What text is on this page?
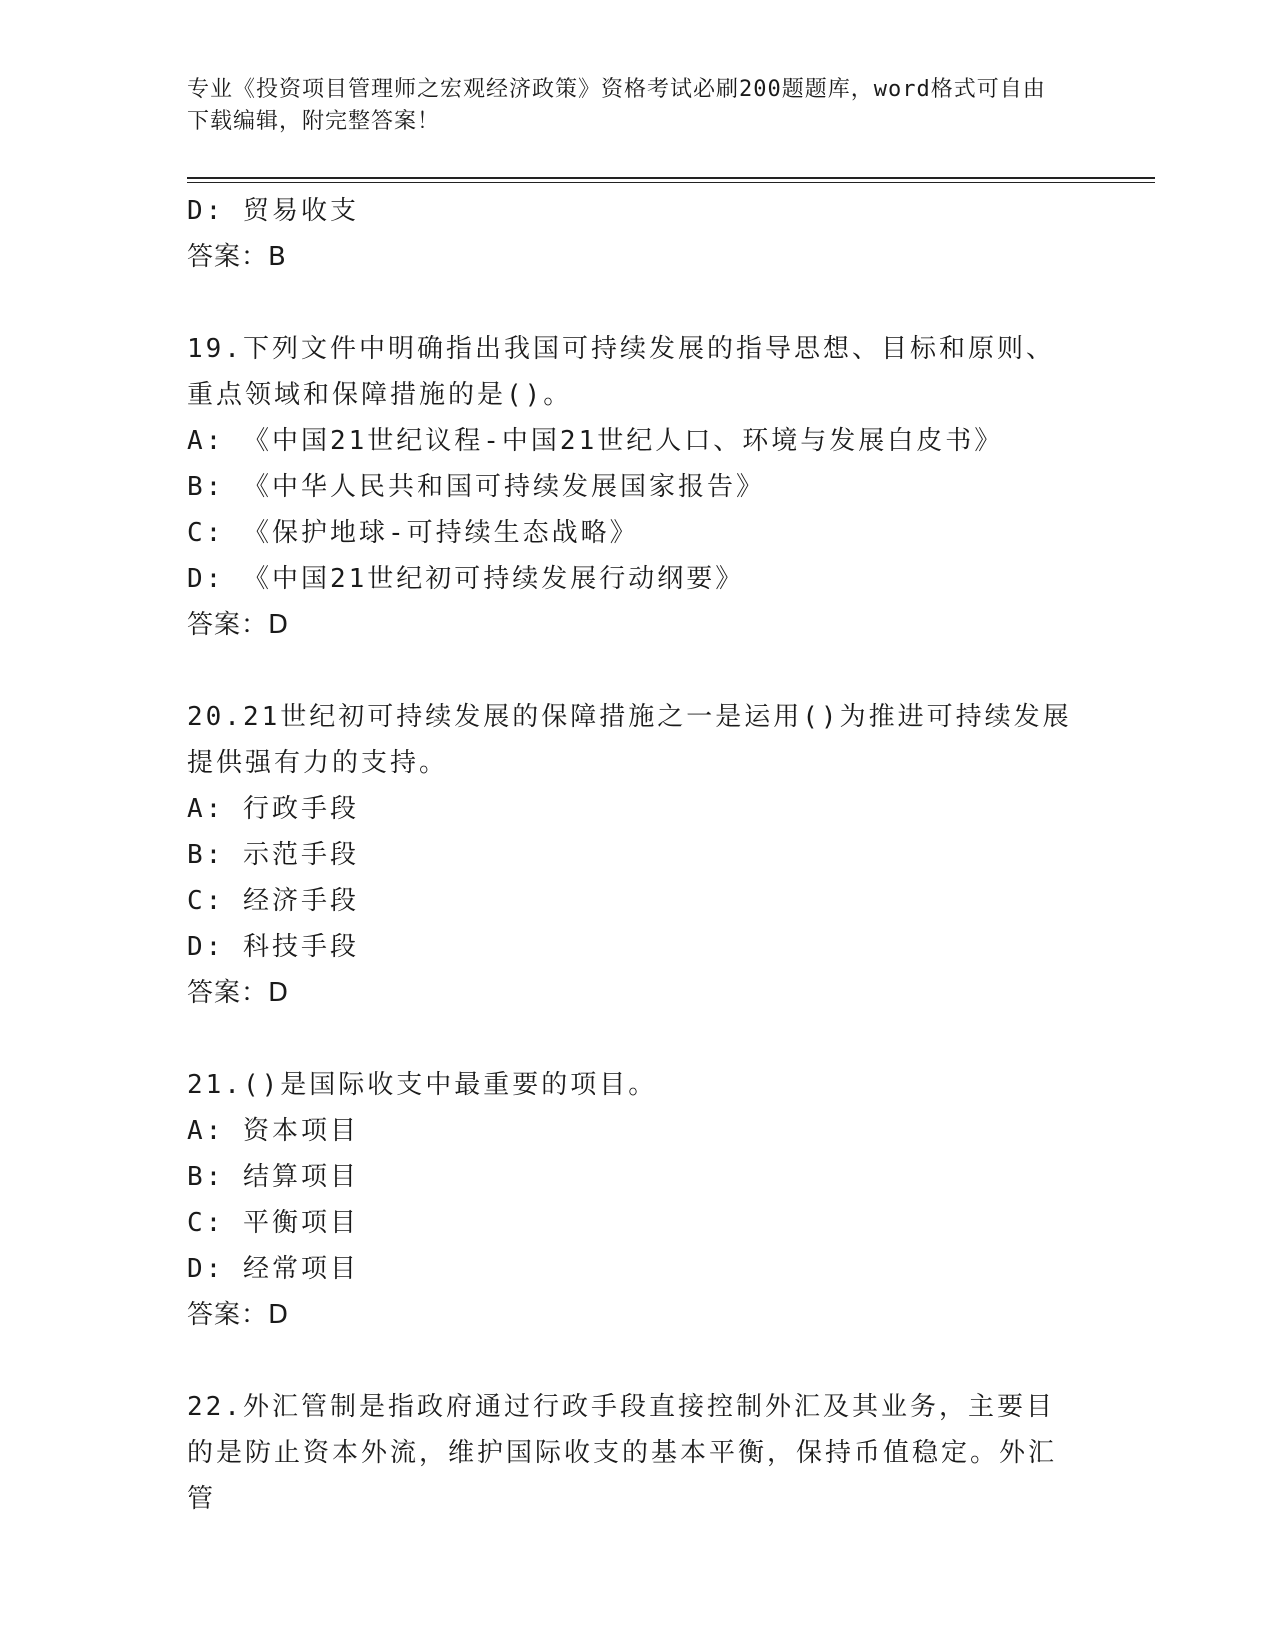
专业《投资项目管理师之宏观经济政策》资格考试必刷200题题库，word格式可自由下载编辑，附完整答案！
D: 贸易收支
答案：B
19.下列文件中明确指出我国可持续发展的指导思想、目标和原则、重点领域和保障措施的是()。
A: 《中国21世纪议程-中国21世纪人口、环境与发展白皮书》
B: 《中华人民共和国可持续发展国家报告》
C: 《保护地球-可持续生态战略》
D: 《中国21世纪初可持续发展行动纲要》
答案：D
20.21世纪初可持续发展的保障措施之一是运用()为推进可持续发展提供强有力的支持。
A: 行政手段
B: 示范手段
C: 经济手段
D: 科技手段
答案：D
21.()是国际收支中最重要的项目。
A: 资本项目
B: 结算项目
C: 平衡项目
D: 经常项目
答案：D
22.外汇管制是指政府通过行政手段直接控制外汇及其业务，主要目的是防止资本外流，维护国际收支的基本平衡，保持币值稳定。外汇管
